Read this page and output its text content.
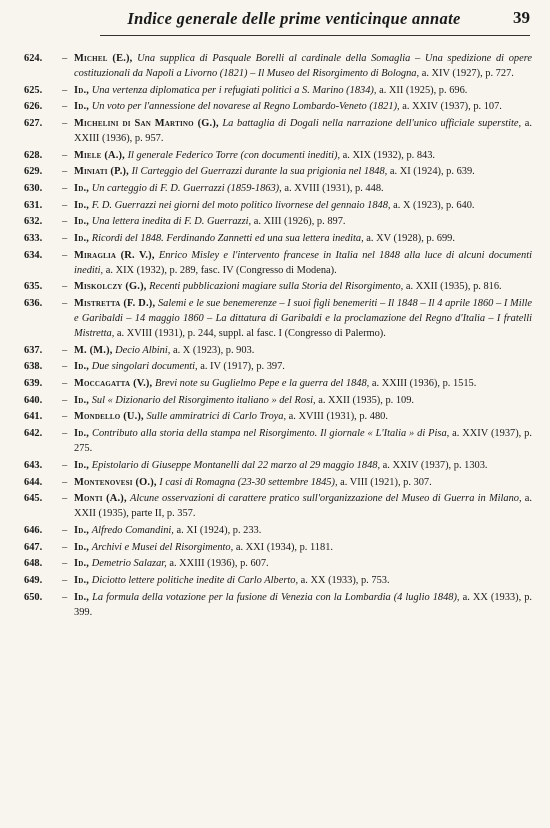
Indice generale delle prime venticinque annate	39
624.	– Michel (E.), Una supplica di Pasquale Borelli al cardinale della Somaglia – Una spedizione di opere costituzionali da Napoli a Livorno (1821) – Il Museo del Risorgimento di Bologna, a. XIV (1927), p. 727.
625.	– Id., Una vertenza diplomatica per i refugiati politici a S. Marino (1834), a. XII (1925), p. 696.
626.	– Id., Un voto per l'annessione del novarese al Regno Lombardo-Veneto (1821), a. XXIV (1937), p. 107.
627.	– Michelini di San Martino (G.), La battaglia di Dogali nella narrazione dell'unico ufficiale superstite, a. XXIII (1936), p. 957.
628.	– Miele (A.), Il generale Federico Torre (con documenti inediti), a. XIX (1932), p. 843.
629.	– Miniati (P.), Il Carteggio del Guerrazzi durante la sua prigionia nel 1848, a. XI (1924), p. 639.
630.	– Id., Un carteggio di F. D. Guerrazzi (1859-1863), a. XVIII (1931), p. 448.
631.	– Id., F. D. Guerrazzi nei giorni del moto politico livornese del gennaio 1848, a. X (1923), p. 640.
632.	– Id., Una lettera inedita di F. D. Guerrazzi, a. XIII (1926), p. 897.
633.	– Id., Ricordi del 1848. Ferdinando Zannetti ed una sua lettera inedita, a. XV (1928), p. 699.
634.	– Miraglia (R. V.), Enrico Misley e l'intervento francese in Italia nel 1848 alla luce di alcuni documenti inediti, a. XIX (1932), p. 289, fasc. IV (Congresso di Modena).
635.	– Miskolczy (G.), Recenti pubblicazioni magiare sulla Storia del Risorgimento, a. XXII (1935), p. 816.
636.	– Mistretta (F. D.), Salemi e le sue benemerenze – I suoi figli benemeriti – Il 1848 – Il 4 aprile 1860 – I Mille e Garibaldi – 14 maggio 1860 – La dittatura di Garibaldi e la proclamazione del Regno d'Italia – I fratelli Mistretta, a. XVIII (1931), p. 244, suppl. al fasc. I (Congresso di Palermo).
637.	– M. (M.), Decio Albini, a. X (1923), p. 903.
638.	– Id., Due singolari documenti, a. IV (1917), p. 397.
639.	– Moccagatta (V.), Brevi note su Guglielmo Pepe e la guerra del 1848, a. XXIII (1936), p. 1515.
640.	– Id., Sul « Dizionario del Risorgimento italiano » del Rosi, a. XXII (1935), p. 109.
641.	– Mondello (U.), Sulle ammiratrici di Carlo Troya, a. XVIII (1931), p. 480.
642.	– Id., Contributo alla storia della stampa nel Risorgimento. Il giornale « L'Italia » di Pisa, a. XXIV (1937), p. 275.
643.	– Id., Epistolario di Giuseppe Montanelli dal 22 marzo al 29 maggio 1848, a. XXIV (1937), p. 1303.
644.	– Montenovesi (O.), I casi di Romagna (23-30 settembre 1845), a. VIII (1921), p. 307.
645.	– Monti (A.), Alcune osservazioni di carattere pratico sull'organizzazione del Museo di Guerra in Milano, a. XXII (1935), parte II, p. 357.
646.	– Id., Alfredo Comandini, a. XI (1924), p. 233.
647.	– Id., Archivi e Musei del Risorgimento, a. XXI (1934), p. 1181.
648.	– Id., Demetrio Salazar, a. XXIII (1936), p. 607.
649.	– Id., Diciotto lettere politiche inedite di Carlo Alberto, a. XX (1933), p. 753.
650.	– Id., La formula della votazione per la fusione di Venezia con la Lombardia (4 luglio 1848), a. XX (1933), p. 399.
